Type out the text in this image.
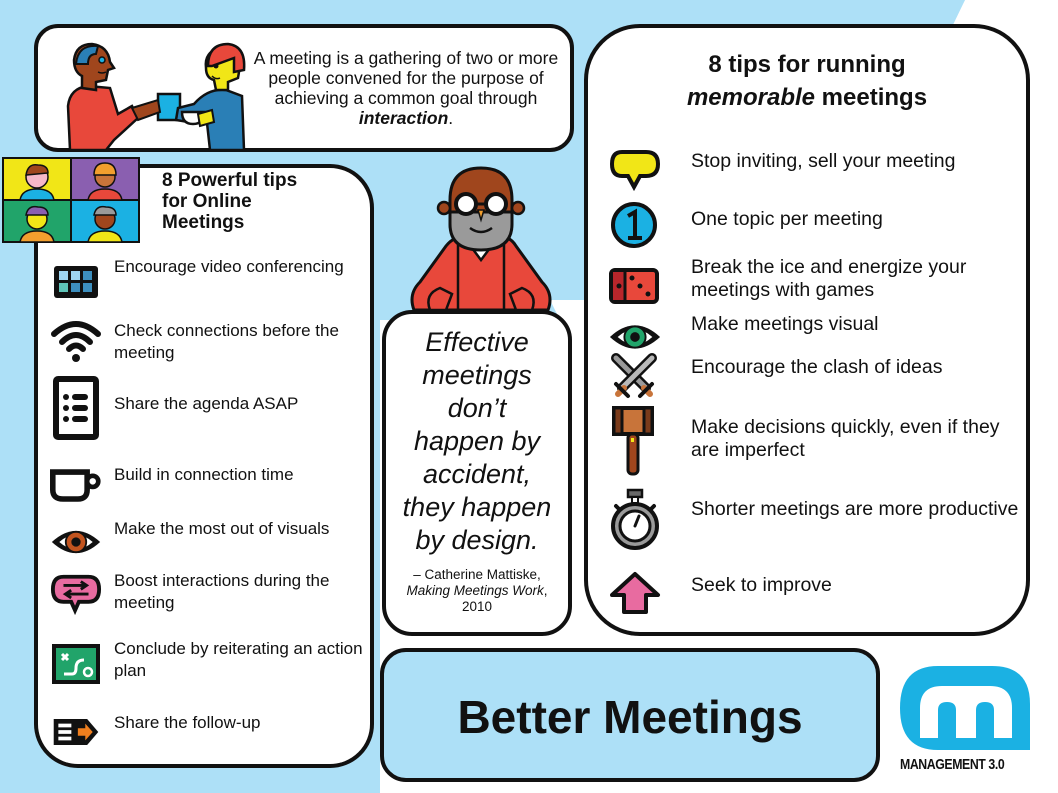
A meeting is a gathering of two or more people convened for the purpose of achieving a common goal through interaction.
8 Powerful tips
for Online
Meetings
Encourage video conferencing
Check connections before the meeting
Share the agenda ASAP
Build in connection time
Make the most out of visuals
Boost interactions during the meeting
Conclude by reiterating an action plan
Share the follow-up
Effective
meetings
don’t
happen by
accident,
they happen
by design.
– Catherine Mattiske,
Making Meetings Work,
2010
8 tips for running
memorable meetings
Stop inviting, sell your meeting
One topic per meeting
Break the ice and energize your meetings with games
Make meetings visual
Encourage the clash of ideas
Make decisions quickly, even if they are imperfect
Shorter meetings are more productive
Seek to improve
Better Meetings
MANAGEMENT 3.0
